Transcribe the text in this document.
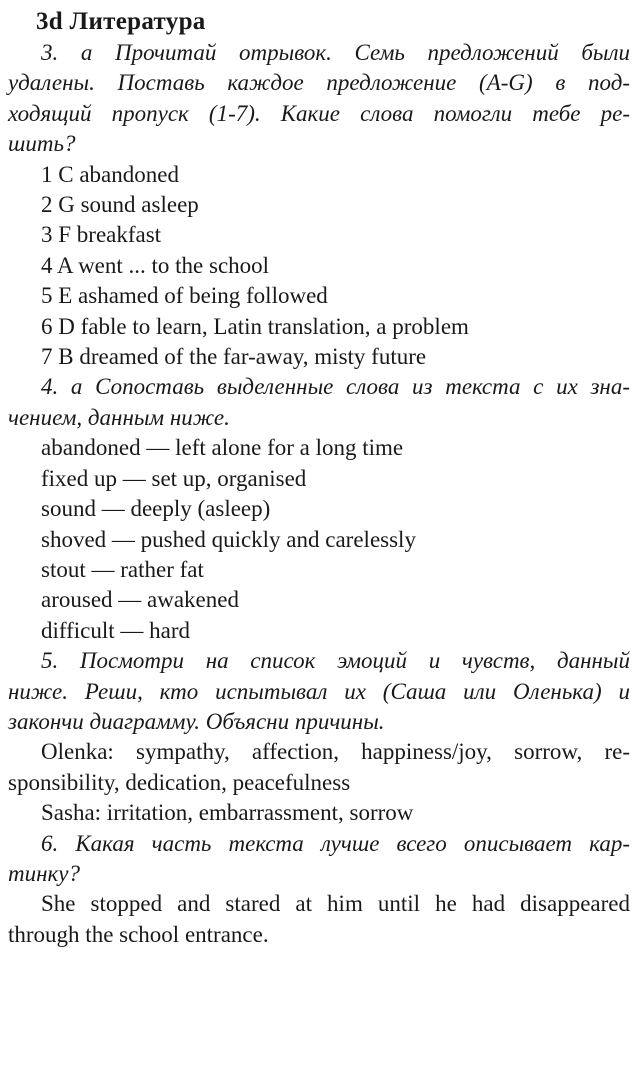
3d Литература
3. а Прочитай отрывок. Семь предложений были
удалены. Поставь каждое предложение (A-G) в под-
ходящий пропуск (1-7). Какие слова помогли тебе ре-
шить?
1 C abandoned
2 G sound asleep
3 F breakfast
4 A went ... to the school
5 E ashamed of being followed
6 D fable to learn, Latin translation, a problem
7 B dreamed of the far-away, misty future
4. а Сопоставь выделенные слова из текста с их зна-
чением, данным ниже.
abandoned — left alone for a long time
fixed up — set up, organised
sound — deeply (asleep)
shoved — pushed quickly and carelessly
stout — rather fat
aroused — awakened
difficult — hard
5. Посмотри на список эмоций и чувств, данный
ниже. Реши, кто испытывал их (Саша или Оленька) и
закончи диаграмму. Объясни причины.
Olenka: sympathy, affection, happiness/joy, sorrow, re-
sponsibility, dedication, peacefulness
Sasha: irritation, embarrassment, sorrow
6. Какая часть текста лучше всего описывает кар-
тинку?
She stopped and stared at him until he had disappeared
through the school entrance.
